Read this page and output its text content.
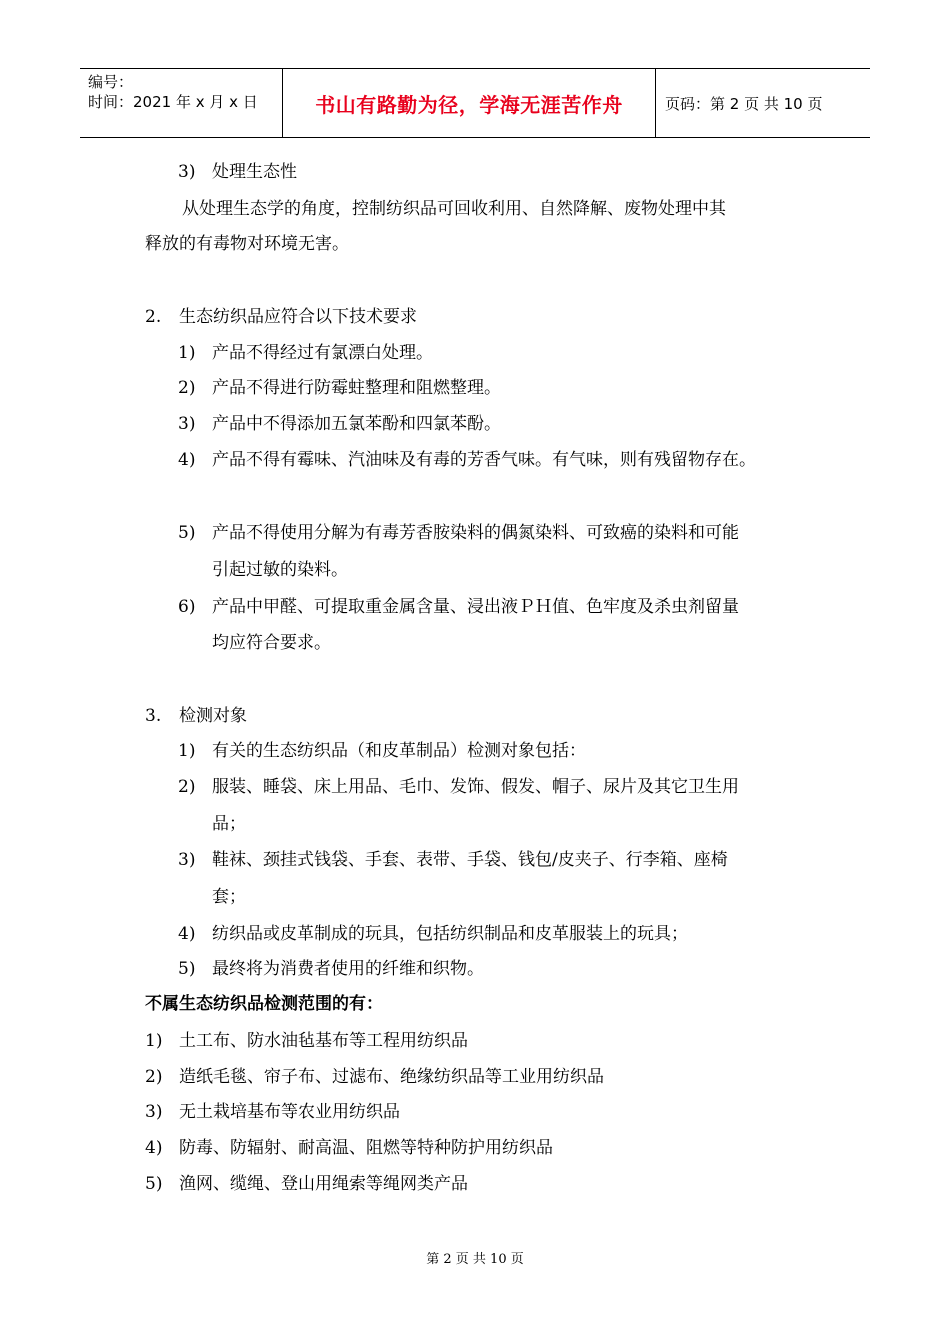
编号：
时间：2021 年 x 月 x 日	书山有路勤为径，学海无涯苦作舟	页码：第 2 页 共 10 页
3) 处理生态性
从处理生态学的角度，控制纺织品可回收利用、自然降解、废物处理中其
释放的有毒物对环境无害。
2. 生态纺织品应符合以下技术要求
1) 产品不得经过有氯漂白处理。
2) 产品不得进行防霉蛀整理和阻燃整理。
3) 产品中不得添加五氯苯酚和四氯苯酚。
4) 产品不得有霉味、汽油味及有毒的芳香气味。有气味，则有残留物存在。
5) 产品不得使用分解为有毒芳香胺染料的偶氮染料、可致癌的染料和可能
引起过敏的染料。
6) 产品中甲醛、可提取重金属含量、浸出液ＰＨ值、色牢度及杀虫剂留量
均应符合要求。
3. 检测对象
1) 有关的生态纺织品（和皮革制品）检测对象包括：
2) 服装、睡袋、床上用品、毛巾、发饰、假发、帽子、尿片及其它卫生用
品；
3) 鞋袜、颈挂式钱袋、手套、表带、手袋、钱包/皮夹子、行李箱、座椅
套；
4) 纺织品或皮革制成的玩具，包括纺织制品和皮革服装上的玩具；
5) 最终将为消费者使用的纤维和织物。
不属生态纺织品检测范围的有：
1) 土工布、防水油毡基布等工程用纺织品
2) 造纸毛毯、帘子布、过滤布、绝缘纺织品等工业用纺织品
3) 无土栽培基布等农业用纺织品
4) 防毒、防辐射、耐高温、阻燃等特种防护用纺织品
5) 渔网、缆绳、登山用绳索等绳网类产品
第 2 页 共 10 页
